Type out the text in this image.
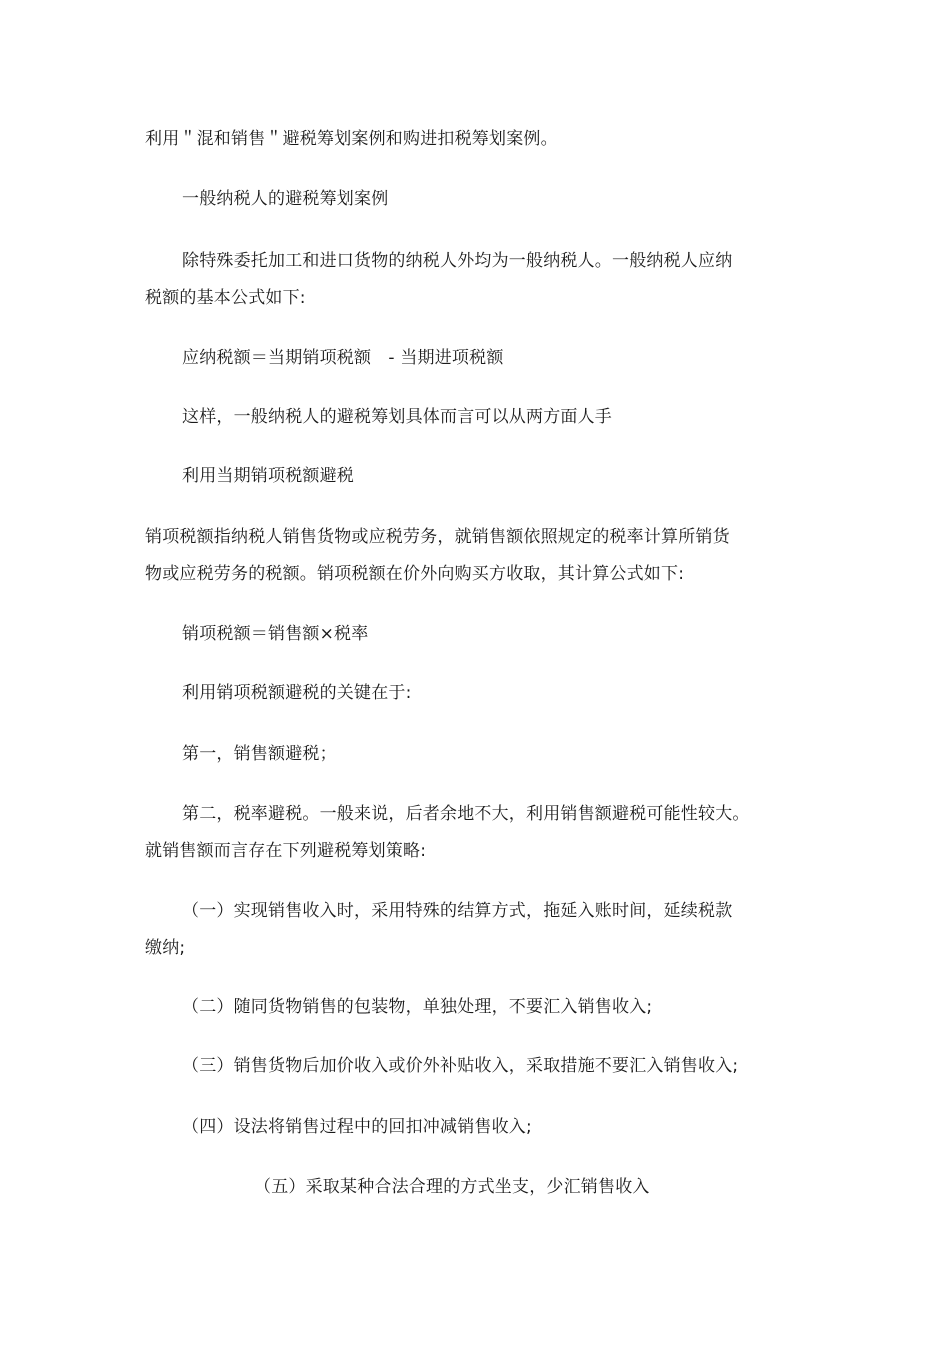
利用＂混和销售＂避税筹划案例和购进扣税筹划案例。
一般纳税人的避税筹划案例
除特殊委托加工和进口货物的纳税人外均为一般纳税人。一般纳税人应纳
税额的基本公式如下:
应纳税额＝当期销项税额　- 当期进项税额
这样，一般纳税人的避税筹划具体而言可以从两方面人手
利用当期销项税额避税
销项税额指纳税人销售货物或应税劳务，就销售额依照规定的税率计算所销货
物或应税劳务的税额。销项税额在价外向购买方收取，其计算公式如下:
销项税额＝销售额×税率
利用销项税额避税的关键在于:
第一，销售额避税；
第二，税率避税。一般来说，后者余地不大，利用销售额避税可能性较大。
就销售额而言存在下列避税筹划策略:
（一）实现销售收入时，采用特殊的结算方式，拖延入账时间，延续税款
缴纳;
（二）随同货物销售的包装物，单独处理，不要汇入销售收入;
（三）销售货物后加价收入或价外补贴收入，采取措施不要汇入销售收入;
（四）设法将销售过程中的回扣冲减销售收入;
（五）采取某种合法合理的方式坐支，少汇销售收入
